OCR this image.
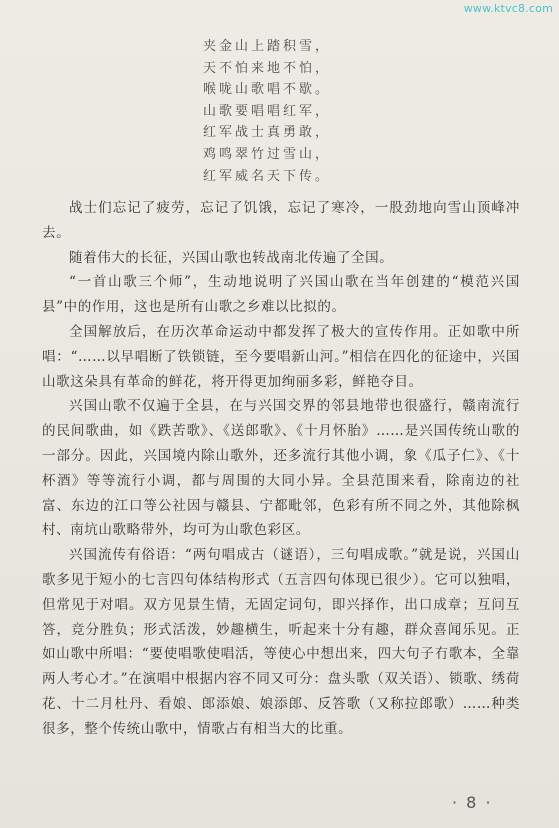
www.ktvc8.com
夹金山上踏积雪，
天不怕来地不怕，
喉咙山歌唱不歇。
山歌要唱唱红军，
红军战士真勇敢，
鸡鸣翠竹过雪山，
红军威名天下传。

战士们忘记了疲劳，忘记了饥饿，忘记了寒冷，一股劲地向雪山顶峰冲去。

随着伟大的长征，兴国山歌也转战南北传遍了全国。

“一首山歌三个师”，生动地说明了兴国山歌在当年创建的“模范兴国县”中的作用，这也是所有山歌之乡难以比拟的。

全国解放后，在历次革命运动中都发挥了极大的宣传作用。正如歌中所唱：“……以早唱断了铁锁链，至今要唱新山河。”相信在四化的征途中，兴国山歌这朵具有革命的鲜花，将开得更加绚丽多彩，鲜艳夺目。

兴国山歌不仅遍于全县，在与兴国交界的邻县地带也很盛行，赣南流行的民间歌曲，如《跌苦歌》、《送郎歌》、《十月怀胎》……是兴国传统山歌的一部分。因此，兴国境内除山歌外，还多流行其他小调，象《瓜子仁》、《十杯酒》等等流行小调，都与周围的大同小异。全县范围来看，除南边的社富、东边的江口等公社因与赣县、宁都毗邻，色彩有所不同之外，其他除枫村、南坑山歌略带外，均可为山歌色彩区。

兴国流传有俗语：“两句唱成古（谜语），三句唱成歌。”就是说，兴国山歌多见于短小的七言四句体结构形式（五言四句体现已很少）。它可以独唱，但常见于对唱。双方见景生情，无固定词句，即兴择作，出口成章；互问互答，竞分胜负；形式活泼，妙趣横生，听起来十分有趣，群众喜闻乐见。正如山歌中所唱：“要使唱歌使唱活，等使心中想出来，四大句子冇歌本，全靠两人考心才。”在演唱中根据内容不同又可分：盘头歌（双关语）、锁歌、绣荷花、十二月杜丹、看娘、郎添娘、娘添郎、反答歌（又称拉郎歌）……种类很多，整个传统山歌中，情歌占有相当大的比重。

· 8 ·
